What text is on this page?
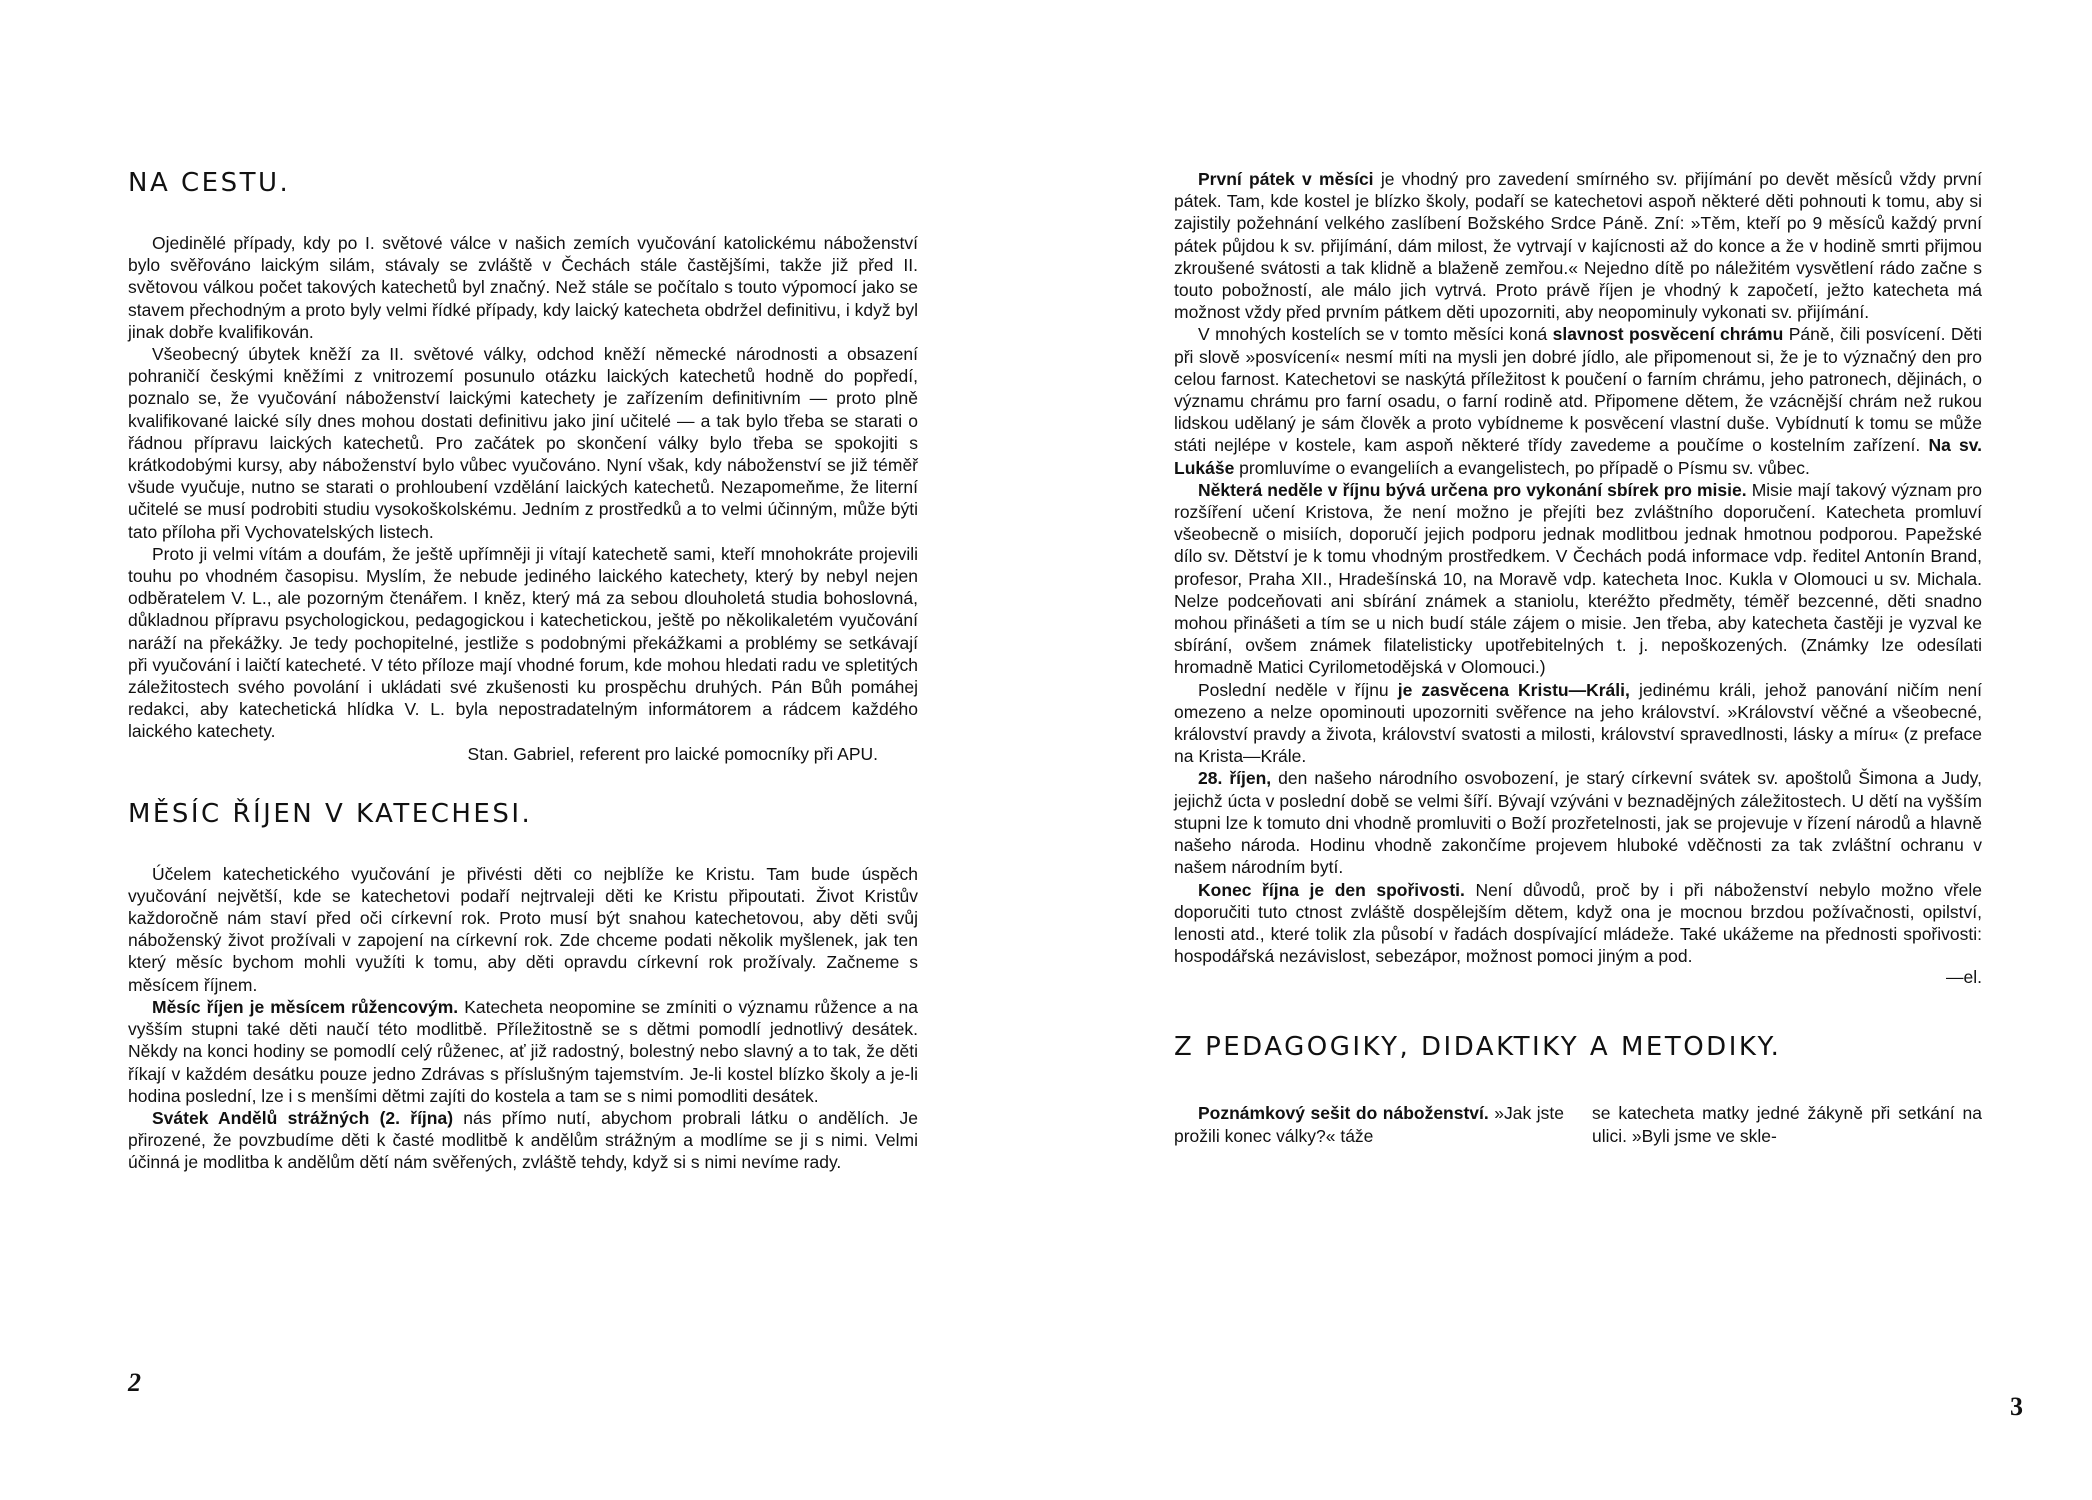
NA CESTU.

Ojedinělé případy, kdy po I. světové válce v našich zemích vyučování katolickému náboženství bylo svěřováno laickým silám, stávaly se zvláště v Čechách stále častějšími, takže již před II. světovou válkou počet takových katechetů byl značný. Než stále se počítalo s touto výpomocí jako se stavem přechodným a proto byly velmi řídké případy, kdy laický katecheta obdržel definitivu, i když byl jinak dobře kvalifikován.

Všeobecný úbytek kněží za II. světové války, odchod kněží německé národnosti a obsazení pohraničí českými kněžími z vnitrozemí posunulo otázku laických katechetů hodně do popředí, poznalo se, že vyučování náboženství laickými katechety je zařízením definitivním — proto plně kvalifikované laické síly dnes mohou dostati definitivu jako jiní učitelé — a tak bylo třeba se starati o řádnou přípravu laických katechetů. Pro začátek po skončení války bylo třeba se spokojiti s krátkodobými kursy, aby náboženství bylo vůbec vyučováno. Nyní však, kdy náboženství se již téměř všude vyučuje, nutno se starati o prohloubení vzdělání laických katechetů. Nezapomeňme, že literní učitelé se musí podrobiti studiu vysokoškolskému. Jedním z prostředků a to velmi účinným, může býti tato příloha při Vychovatelských listech.

Proto ji velmi vítám a doufám, že ještě upřímněji ji vítají katechetě sami, kteří mnohokráte projevili touhu po vhodném časopisu. Myslím, že nebude jediného laického katechety, který by nebyl nejen odběratelem V. L., ale pozorným čtenářem. I kněz, který má za sebou dlouholetá studia bohoslovná, důkladnou přípravu psychologickou, pedagogickou i katechetickou, ještě po několikaletém vyučování naráží na překážky. Je tedy pochopitelné, jestliže s podobnými překážkami a problémy se setkávají při vyučování i laičtí katecheté. V této příloze mají vhodné forum, kde mohou hledati radu ve spletitých záležitostech svého povolání i ukládati své zkušenosti ku prospěchu druhých. Pán Bůh pomáhej redakci, aby katechetická hlídka V. L. byla nepostradatelným informátorem a rádcem každého laického katechety.

Stan. Gabriel, referent pro laické pomocníky při APU.

MĚSÍC ŘÍJEN V KATECHESI.

Účelem katechetického vyučování je přivésti děti co nejblíže ke Kristu. Tam bude úspěch vyučování největší, kde se katechetovi podaří nejtrvaleji děti ke Kristu připoutati. Život Kristův každoročně nám staví před oči církevní rok. Proto musí být snahou katechetovou, aby děti svůj náboženský život prožívali v zapojení na církevní rok. Zde chceme podati několik myšlenek, jak ten který měsíc bychom mohli využíti k tomu, aby děti opravdu církevní rok prožívaly. Začneme s měsícem říjnem.

Měsíc říjen je měsícem růžencovým. Katecheta neopomine se zmíniti o významu růžence a na vyšším stupni také děti naučí této modlitbě. Příležitostně se s dětmi pomodlí jednotlivý desátek. Někdy na konci hodiny se pomodlí celý růženec, ať již radostný, bolestný nebo slavný a to tak, že děti říkají v každém desátku pouze jedno Zdrávas s příslušným tajemstvím. Je-li kostel blízko školy a je-li hodina poslední, lze i s menšími dětmi zajíti do kostela a tam se s nimi pomodliti desátek.

Svátek Andělů strážných (2. října) nás přímo nutí, abychom probrali látku o andělích. Je přirozené, že povzbudíme děti k časté modlitbě k andělům strážným a modlíme se ji s nimi. Velmi účinná je modlitba k andělům dětí nám svěřených, zvláště tehdy, když si s nimi nevíme rady.

2

První pátek v měsíci je vhodný pro zavedení smírného sv. přijímání po devět měsíců vždy první pátek. Tam, kde kostel je blízko školy, podaří se katechetovi aspoň některé děti pohnouti k tomu, aby si zajistily požehnání velkého zaslíbení Božského Srdce Páně. Zní: »Těm, kteří po 9 měsíců každý první pátek půjdou k sv. přijímání, dám milost, že vytrvají v kajícnosti až do konce a že v hodině smrti přijmou zkroušené svátosti a tak klidně a blaženě zemřou.« Nejedno dítě po náležitém vysvětlení rádo začne s touto pobožností, ale málo jich vytrvá. Proto právě říjen je vhodný k započetí, ježto katecheta má možnost vždy před prvním pátkem děti upozorniti, aby neopominuly vykonati sv. přijímání.

V mnohých kostelích se v tomto měsíci koná slavnost posvěcení chrámu Páně, čili posvícení. Děti při slově »posvícení« nesmí míti na mysli jen dobré jídlo, ale připomenout si, že je to význačný den pro celou farnost. Katechetovi se naskýtá příležitost k poučení o farním chrámu, jeho patronech, dějinách, o významu chrámu pro farní osadu, o farní rodině atd. Připomene dětem, že vzácnější chrám než rukou lidskou udělaný je sám člověk a proto vybídneme k posvěcení vlastní duše. Vybídnutí k tomu se může státi nejlépe v kostele, kam aspoň některé třídy zavedeme a poučíme o kostelním zařízení. Na sv. Lukáše promluvíme o evangeliích a evangelistech, po případě o Písmu sv. vůbec.

Některá neděle v říjnu bývá určena pro vykonání sbírek pro misie. Misie mají takový význam pro rozšíření učení Kristova, že není možno je přejíti bez zvláštního doporučení. Katecheta promluví všeobecně o misiích, doporučí jejich podporu jednak modlitbou jednak hmotnou podporou. Papežské dílo sv. Dětství je k tomu vhodným prostředkem. V Čechách podá informace vdp. ředitel Antonín Brand, profesor, Praha XII., Hradešínská 10, na Moravě vdp. katecheta Inoc. Kukla v Olomouci u sv. Michala. Nelze podceňovati ani sbírání známek a staniolu, kteréžto předměty, téměř bezcenné, děti snadno mohou přinášeti a tím se u nich budí stále zájem o misie. Jen třeba, aby katecheta častěji je vyzval ke sbírání, ovšem známek filatelisticky upotřebitelných t. j. nepoškozených. (Známky lze odesílati hromadně Matici Cyrilometodějská v Olomouci.)

Poslední neděle v říjnu je zasvěcena Kristu—Králi, jedinému králi, jehož panování ničím není omezeno a nelze opominouti upozorniti svěřence na jeho království. »Království věčné a všeobecné, království pravdy a života, království svatosti a milosti, království spravedlnosti, lásky a míru« (z preface na Krista—Krále.

28. říjen, den našeho národního osvobození, je starý církevní svátek sv. apoštolů Šimona a Judy, jejichž úcta v poslední době se velmi šíří. Bývají vzýváni v beznadějných záležitostech. U dětí na vyšším stupni lze k tomuto dni vhodně promluviti o Boží prozřetelnosti, jak se projevuje v řízení národů a hlavně našeho národa. Hodinu vhodně zakončíme projevem hluboké vděčnosti za tak zvláštní ochranu v našem národním bytí.

Konec října je den spořivosti. Není důvodů, proč by i při náboženství nebylo možno vřele doporučiti tuto ctnost zvláště dospělejším dětem, když ona je mocnou brzdou požívačnosti, opilství, lenosti atd., které tolik zla působí v řadách dospívající mládeže. Také ukážeme na přednosti spořivosti: hospodářská nezávislost, sebezápor, možnost pomoci jiným a pod.

—el.

Z PEDAGOGIKY, DIDAKTIKY A METODIKY.

Poznámkový sešit do náboženství. »Jak jste prožili konec války?« táže

se katecheta matky jedné žákyně při setkání na ulici. »Byli jsme ve skle-

3
